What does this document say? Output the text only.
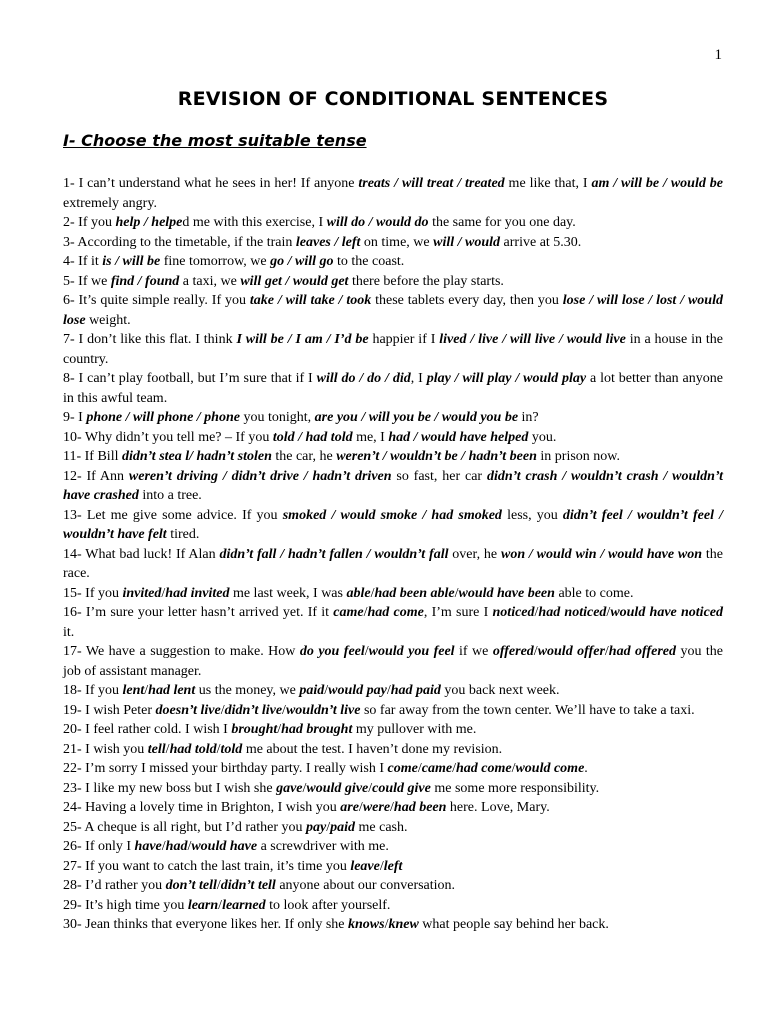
1
REVISION OF CONDITIONAL SENTENCES
I- Choose the most suitable tense
1- I can’t understand what he sees in her! If anyone treats / will treat / treated me like that, I am / will be / would be extremely angry.
2- If you help / helped me with this exercise, I will do / would do the same for you one day.
3- According to the timetable, if the train leaves / left on time, we will / would arrive at 5.30.
4- If it is / will be fine tomorrow, we go / will go to the coast.
5- If we find / found a taxi, we will get / would get there before the play starts.
6- It’s quite simple really. If you take / will take / took these tablets every day, then you lose / will lose / lost / would lose weight.
7- I don’t like this flat. I think I will be / I am / I’d be happier if I lived / live / will live / would live in a house in the country.
8- I can’t play football, but I’m sure that if I will do / do / did, I play / will play / would play a lot better than anyone in this awful team.
9- I phone / will phone / phone you tonight, are you / will you be / would you be in?
10- Why didn’t you tell me? – If you told / had told me, I had / would have helped you.
11- If Bill didn’t stea l/ hadn’t stolen the car, he weren’t / wouldn’t be / hadn’t been in prison now.
12- If Ann weren’t driving / didn’t drive / hadn’t driven so fast, her car didn’t crash / wouldn’t crash / wouldn’t have crashed into a tree.
13- Let me give some advice. If you smoked / would smoke / had smoked less, you didn’t feel / wouldn’t feel / wouldn’t have felt tired.
14- What bad luck! If Alan didn’t fall / hadn’t fallen / wouldn’t fall over, he won / would win / would have won the race.
15- If you invited/had invited me last week, I was able/had been able/would have been able to come.
16- I’m sure your letter hasn’t arrived yet. If it came/had come, I’m sure I noticed/had noticed/would have noticed it.
17- We have a suggestion to make. How do you feel/would you feel if we offered/would offer/had offered you the job of assistant manager.
18- If you lent/had lent us the money, we paid/would pay/had paid you back next week.
19- I wish Peter doesn’t live/didn’t live/wouldn’t live so far away from the town center. We’ll have to take a taxi.
20- I feel rather cold. I wish I brought/had brought my pullover with me.
21- I wish you tell/had told/told me about the test. I haven’t done my revision.
22- I’m sorry I missed your birthday party. I really wish I come/came/had come/would come.
23- I like my new boss but I wish she gave/would give/could give me some more responsibility.
24- Having a lovely time in Brighton, I wish you are/were/had been here. Love, Mary.
25- A cheque is all right, but I’d rather you pay/paid me cash.
26- If only I have/had/would have a screwdriver with me.
27- If you want to catch the last train, it’s time you leave/left
28- I’d rather you don’t tell/didn’t tell anyone about our conversation.
29- It’s high time you learn/learned to look after yourself.
30- Jean thinks that everyone likes her. If only she knows/knew what people say behind her back.
